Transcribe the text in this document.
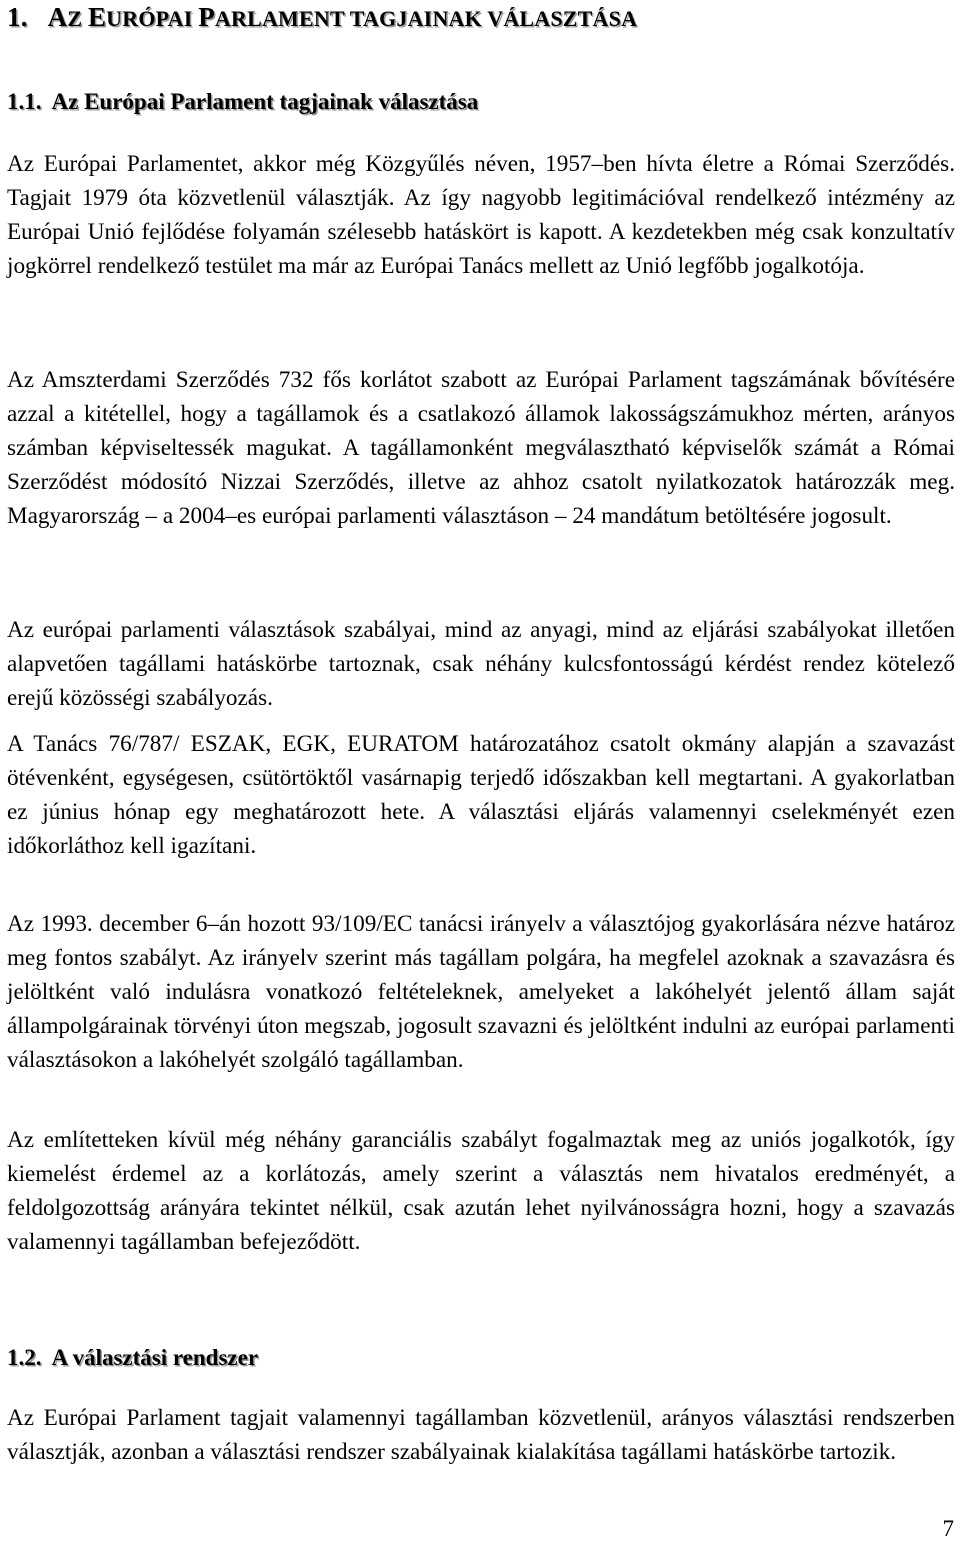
1. AZ EURÓPAI PARLAMENT TAGJAINAK VÁLASZTÁSA
1.1. Az Európai Parlament tagjainak választása

Az Európai Parlamentet, akkor még Közgyűlés néven, 1957–ben hívta életre a Római Szerződés. Tagjait 1979 óta közvetlenül választják. Az így nagyobb legitimációval rendelkező intézmény az Európai Unió fejlődése folyamán szélesebb hatáskört is kapott. A kezdetekben még csak konzultatív jogkörrel rendelkező testület ma már az Európai Tanács mellett az Unió legfőbb jogalkotója.

Az Amszterdami Szerződés 732 fős korlátot szabott az Európai Parlament tagszámának bővítésére azzal a kitétellel, hogy a tagállamok és a csatlakozó államok lakosságszámukhoz mérten, arányos számban képviseltessék magukat. A tagállamonként megválasztható képviselők számát a Római Szerződést módosító Nizzai Szerződés, illetve az ahhoz csatolt nyilatkozatok határozzák meg. Magyarország – a 2004–es európai parlamenti választáson – 24 mandátum betöltésére jogosult.

Az európai parlamenti választások szabályai, mind az anyagi, mind az eljárási szabályokat illetően alapvetően tagállami hatáskörbe tartoznak, csak néhány kulcsfontosságú kérdést rendez kötelező erejű közösségi szabályozás.

A Tanács 76/787/ ESZAK, EGK, EURATOM határozatához csatolt okmány alapján a szavazást ötévenként, egységesen, csütörtöktől vasárnapig terjedő időszakban kell megtartani. A gyakorlatban ez június hónap egy meghatározott hete. A választási eljárás valamennyi cselekményét ezen időkorláthoz kell igazítani.

Az 1993. december 6–án hozott 93/109/EC tanácsi irányelv a választójog gyakorlására nézve határoz meg fontos szabályt. Az irányelv szerint más tagállam polgára, ha megfelel azoknak a szavazásra és jelöltként való indulásra vonatkozó feltételeknek, amelyeket a lakóhelyét jelentő állam saját állampolgárainak törvényi úton megszab, jogosult szavazni és jelöltként indulni az európai parlamenti választásokon a lakóhelyét szolgáló tagállamban.

Az említetteken kívül még néhány garanciális szabályt fogalmaztak meg az uniós jogalkotók, így kiemelést érdemel az a korlátozás, amely szerint a választás nem hivatalos eredményét, a feldolgozottság arányára tekintet nélkül, csak azután lehet nyilvánosságra hozni, hogy a szavazás valamennyi tagállamban befejeződött.

1.2. A választási rendszer

Az Európai Parlament tagjait valamennyi tagállamban közvetlenül, arányos választási rendszerben választják, azonban a választási rendszer szabályainak kialakítása tagállami hatáskörbe tartozik.

7
